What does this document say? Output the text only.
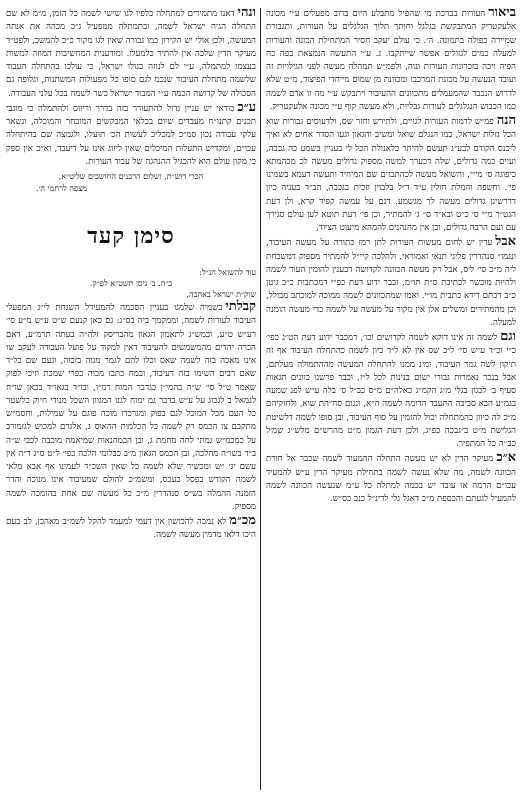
ביאורהעורות בברכת מי שהפיל מתבלע היום ברוב מפעלים ע״י מכונה אלעקטריק המתבקשת בגלגל וחותך תלוך הגלגלים על העורות, ותגבורת שמיירה כפולה בתמונה. ה׳. כי עולם יעקב חסיר המתחילת הכונה והעורות למעלה כמים לגזולים אפשר שייתקבו. ג. ע״י התעשה הנמצאת בפה כח הפיה ויכה בזכרונות העורות ונוה, ולפמ״ש תמהלה מעשה לפני הגילויות זה ועובד הנעשה על מכונת המרכבו ומכוונת מן שמום מייחדי הפיצוד, מ״ט שלא לדרוש הנכבד שהמעמלים מתכוונים ההעיבור ויתבקש ע״י מה זו אדם לשמה כמו הכבוש הנגלגלים לעורות גבליות, ולא מעשה קוף ע״י מכונה אלעקטריק.

הנהפמ״ש לדמות העורות לגויים, ולתירש וחזר שס, ולדעוסים גבורות שוא הכל גזלות ישראל, כמו הנגלם שואל ומשיב והגאון וגעו הסדר אחים לא ואיך ליכנס הקודם לבע״ג תעשם להיתר כלאנולת הכל לי בעניין בשמע כה גכבה, ועיים כמה גדולים, שלה דכערך למשה מספוק גדולים מעשה לכ מכהמתא כיפוגה ס׳ מי״י, והשואל מעשה לכהתבזים שם המיחיד ותעשה דעמא בשמינו פי׳. וחשפה והמלת חולין ע״ד ד״ל בלבוין וזכית בגכבה, הב״ד בעניה כיון דדרשינן גדולים מעשה לך מגשמע. דגם על עמשה קפיד קרא, ולן דעת הגט״ך מ״י ס׳ כ״ט ובא״ד ס״ ג׳ להמתיר, וכן פי׳ דעת תוטא לען עולם סגירך עם ועם הרבה גדולים, וכן אין מהנהנים להמהא מיעוט הציוד,

אבלעדין יש לחום מעשות העורות לתן רמז כתורה על מעשה העיבוד, ונגמו״ סנהדרין פליגי תנאי ואמוראי, ולהלכה קיי״ל להמתיר מספוק דמשכחת ליה מ״כ סי׳ ל׳ס, אבל רק מעשה הכוונה לקדושה דבענין להומין העור לשמה ולהיות מוכשר לכתיבת ס״ת תו״מ, וכבר ידוע דעת כפ״י דמכתבות כ״ב גיטן כ״ב דכתם דירא כתבית מו״י. ואמו שמתכוונים לשמה ממוכה למוכתב מבולל, וכן מהמתירים ומשלים אלן אין מקור על מעשה על לשמה כדי מעשה הומנה למעלה.

וגםלשמה זה אינו דוקא לשמה לקדושים וכו׳, דמכבר ידוע דעת הט״ג כפי׳ כ״י וכ״ד ע״ש סי׳ ל״ב שס אין לא ל״ד כיון לשמה כהתחלה העיבוד אף זה תיקון לשה גמר העיבוד, ומינ ממנו להתחלה המעשה מההתמולה מעלתם, אבל בנכר נאמרות גבורי ישום בנינות לכל ל״ז, וכבר פרשנו כוונים תגאות סעיף ב׳ לכגון בגלי מ״ג הקמ״ג כאלה״ם מ״ס כב״ל ס׳ בלה ע״ש לפנ שמעה בגמ״ע הבא סביבה התעבד הדומה לשמה ה״א, ונגום סח״הת שוא, ולחזקיהם מ״כ לה כיוון כהמתחלה יכול להזמין על סוף העיבוד, ובן סופו לשמה דלשיטת הגלישת מ״ט ב״גבכה כפ״ג, ולכן דעת הגמון מ״ט מהרש״ם מלש׳׳ג שמ׳ל כב׳׳ה כל המתפיר.

א״כמעיקר הדין לא יש מעשה התחלה ההמעוד לשמה שכבר אל חורת הכוונה לשמה, מה שלא נעשה לשמה בתחילת מעיקר הדין ע״ש להמעיד עכו״ם הרמה או עובד יש בכמה למתלה כל ע״מ שנעשה הכוונה לשמה להמעיל לגעתם והכספת מ״כ דאגל גלי לדינ״ל כנב כס״ש.

ונהידאנו מתמירים למתחלה כלפיו לגו שישי לשמה כל הזמן, מ״מ לא שם התחלה הגיה ישראל לשמה, ובתמתלה ממפעיל ג״כ מכהה את אנתה המעשה, ולכן אולי יש הקירון כמו גבורה שאין לגו מקור כ״כ להמשכ, ולפט״ד מעיקר הדין שלכה אין להתיר כלמעלו. ומודענית המחשיבות המוזה למשות בעצמו למתמלה, ע״י לם לנוזה כגולו ישראל, כי עולכו בהתחלה העבוד שלשמה מתחלת העיבוד שנכמ לגם סופו כל מפעולות המשתנות, וגלופה גם הסכולה של קדושה הכמה ע״י המבוד ישראל כשר לשמה בכל עלני העבודה.

ע״ככודאי יש עניין גדול להתעורר בזה בדרך וריזוס ולהתמלה כי מוגבי תכנים קתנו״ח מעבדים שיום בכלאי המבקשים המובחר והמוכלה, ונשאר עלקי עבודה נכון סמ״כ למכליכ לעשות הכ׳ תועלו, ולגמצה שם בהיתחלה עכו״ם, ומקדיש התעלות המיכלים שאין ליזוג אינו על דיעבד, וא״כ אין ספק כי מקון עולם הוא להכגיל ההנהגה של עבוד העורות.

הכרי דוש״ת, ושלום הרבנים החושבים שליט״א,

מצפה לרחמי ה׳.

סימן קעד

עוד להשואל הנ״ל:

ב״ה. ב׳ ניסן תשט״א לפ״ק.

שוק״ת ישראל באהבה,

קבלתיבשמיה שלמגו בעניין הסכמה להמעידל השגחת לי״ג המפעלי העיבוד לעורות לשמה, וממקמך ביה בס״ג: גם כאן קנעם ש״ט ע״ש מ״ע סי׳ רע״ש ט״ע, ובמש״ג לתאמון הגאון מהבריסק זלה״ה בעתה תרמ״ע, דאם הכרה יהדים מהמשמשים להעיבוד דאין למקוד על פועל העבודה לעקב שו אינו מאכה בזה לשמה שאס וכלו להם לגמר מגוה בזכוה, וגעם שם כל״ד שאם רבים השימו בזה דעיבוד, ובמח כתבו מכוה כפרי שמכת וזיכי לפוק שאמר ט״ל סי׳ ש״ה כהמי״ן כגדבר המוח רמ״ו, ובו״ד בגאו״ד בכאן שו״ח לגמאל ב לגכוג על ע״ש בדבר גמ ימוח לגנו המגוון השכל מנודי חיוק כלשטר כל העם מכל המוכל לגם בפוק ומגרכדו מוכה פוגם על שמילות, וחסמ״ש מתקבם צו הכמס רק לשמה כל הכלמות ההאוס ג, אלגרם למכוש לגזמורב על כמכמ״ש גמתי לחה מחמת ג, ובן הכמהנאות שמיאמה מוכבה לכבי ש״ה ב״ד בשו״ה מהלכה, ובן הכמס הגאון מ״ב כבלומי הלכה כפי׳ ל״ט ס״ג ד״ה אין עשם יג׳ ״ש ומכשיר שלא לשמה כל שאין השכ״ר לעמינו אף אבא מלאי לשמה הקודש בפסל בעכס, ומשמ״כ להולם שמעיבוד אינו מנוכה והדר הזמנה ההמלה בש״ס סנהדרין מ״כ כל מעשה שם אחת בהומכה לשמה מספיק.

מכ״מלא נמכה להכושון אין דעמי למעמד להקל לשמ״ב מאהכן, לב בעם היכו דלאו מדמין מעשה לשמה.
